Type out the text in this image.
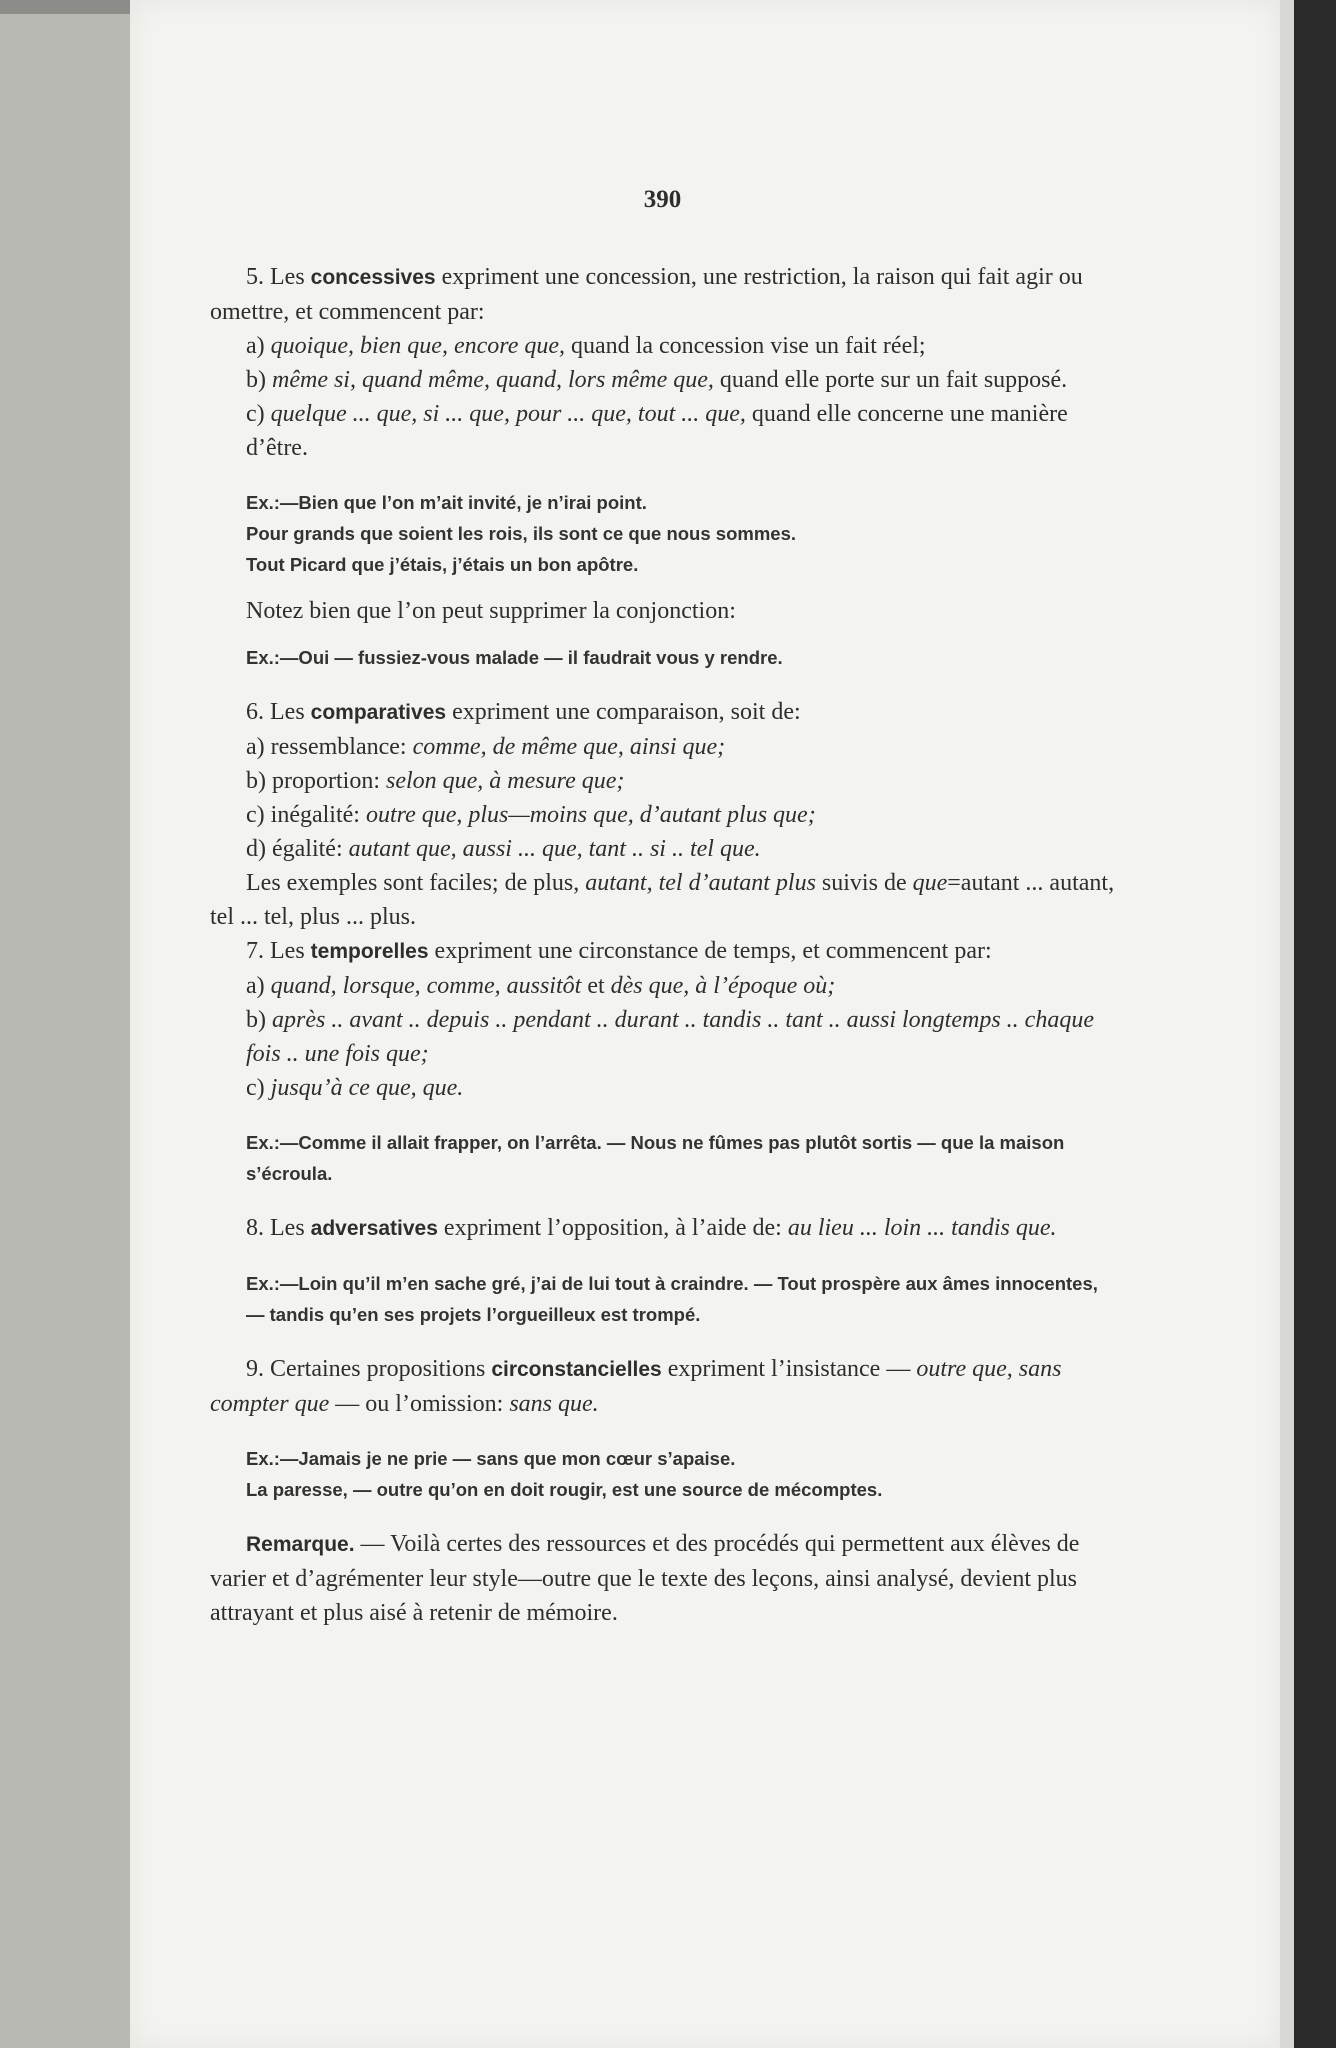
390

5. Les concessives expriment une concession, une restriction, la raison qui fait agir ou omettre, et commencent par:

a) quoique, bien que, encore que, quand la concession vise un fait réel;

b) même si, quand même, quand, lors même que, quand elle porte sur un fait supposé.

c) quelque ... que, si ... que, pour ... que, tout ... que, quand elle concerne une manière d’être.

Ex.:—Bien que l’on m’ait invité, je n’irai point.

Pour grands que soient les rois, ils sont ce que nous sommes.

Tout Picard que j’étais, j’étais un bon apôtre.

Notez bien que l’on peut supprimer la conjonction:

Ex.:—Oui — fussiez-vous malade — il faudrait vous y rendre.

6. Les comparatives expriment une comparaison, soit de:

a) ressemblance: comme, de même que, ainsi que;

b) proportion: selon que, à mesure que;

c) inégalité: outre que, plus—moins que, d’autant plus que;

d) égalité: autant que, aussi ... que, tant .. si .. tel que.

Les exemples sont faciles; de plus, autant, tel d’autant plus suivis de que=autant ... autant, tel ... tel, plus ... plus.

7. Les temporelles expriment une circonstance de temps, et commencent par:

a) quand, lorsque, comme, aussitôt et dès que, à l’époque où;

b) après .. avant .. depuis .. pendant .. durant .. tandis .. tant .. aussi longtemps .. chaque fois .. une fois que;

c) jusqu’à ce que, que.

Ex.:—Comme il allait frapper, on l’arrêta. — Nous ne fûmes pas plutôt sortis — que la maison s’écroula.

8. Les adversatives expriment l’opposition, à l’aide de: au lieu ... loin ... tandis que.

Ex.:—Loin qu’il m’en sache gré, j’ai de lui tout à craindre. — Tout prospère aux âmes innocentes,— tandis qu’en ses projets l’orgueilleux est trompé.

9. Certaines propositions circonstancielles expriment l’insistance — outre que, sans compter que — ou l’omission: sans que.

Ex.:—Jamais je ne prie — sans que mon cœur s’apaise.

La paresse, — outre qu’on en doit rougir, est une source de mécomptes.

Remarque. — Voilà certes des ressources et des procédés qui permettent aux élèves de varier et d’agrémenter leur style—outre que le texte des leçons, ainsi analysé, devient plus attrayant et plus aisé à retenir de mémoire.
